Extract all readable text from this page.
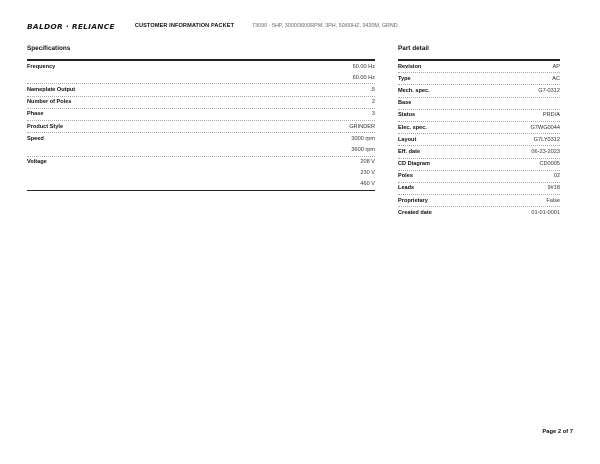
BALDOR · RELIANCE	CUSTOMER INFORMATION PACKET	73090 - 5HP, 3000/3600RPM, 3PH, 50/60HZ, 3420M, GRND
Specifications
Frequency	50.00 Hz
60.00 Hz
Nameplate Output	.5
Number of Poles	2
Phase	3
Product Style	GRINDER
Speed	3000 rpm
3600 rpm
Voltage	208 V
230 V
460 V
Part detail
Revision	AP
Type	AC
Mech. spec.	G7-0312
Base
Status	PRD/A
Elec. spec.	G7WG0044
Layout	G7LY0312
Eff. date	06-23-2023
CD Diagram	CD0005
Poles	02
Leads	9#18
Proprietary	False
Created date	01-01-0001
Page 2 of 7
